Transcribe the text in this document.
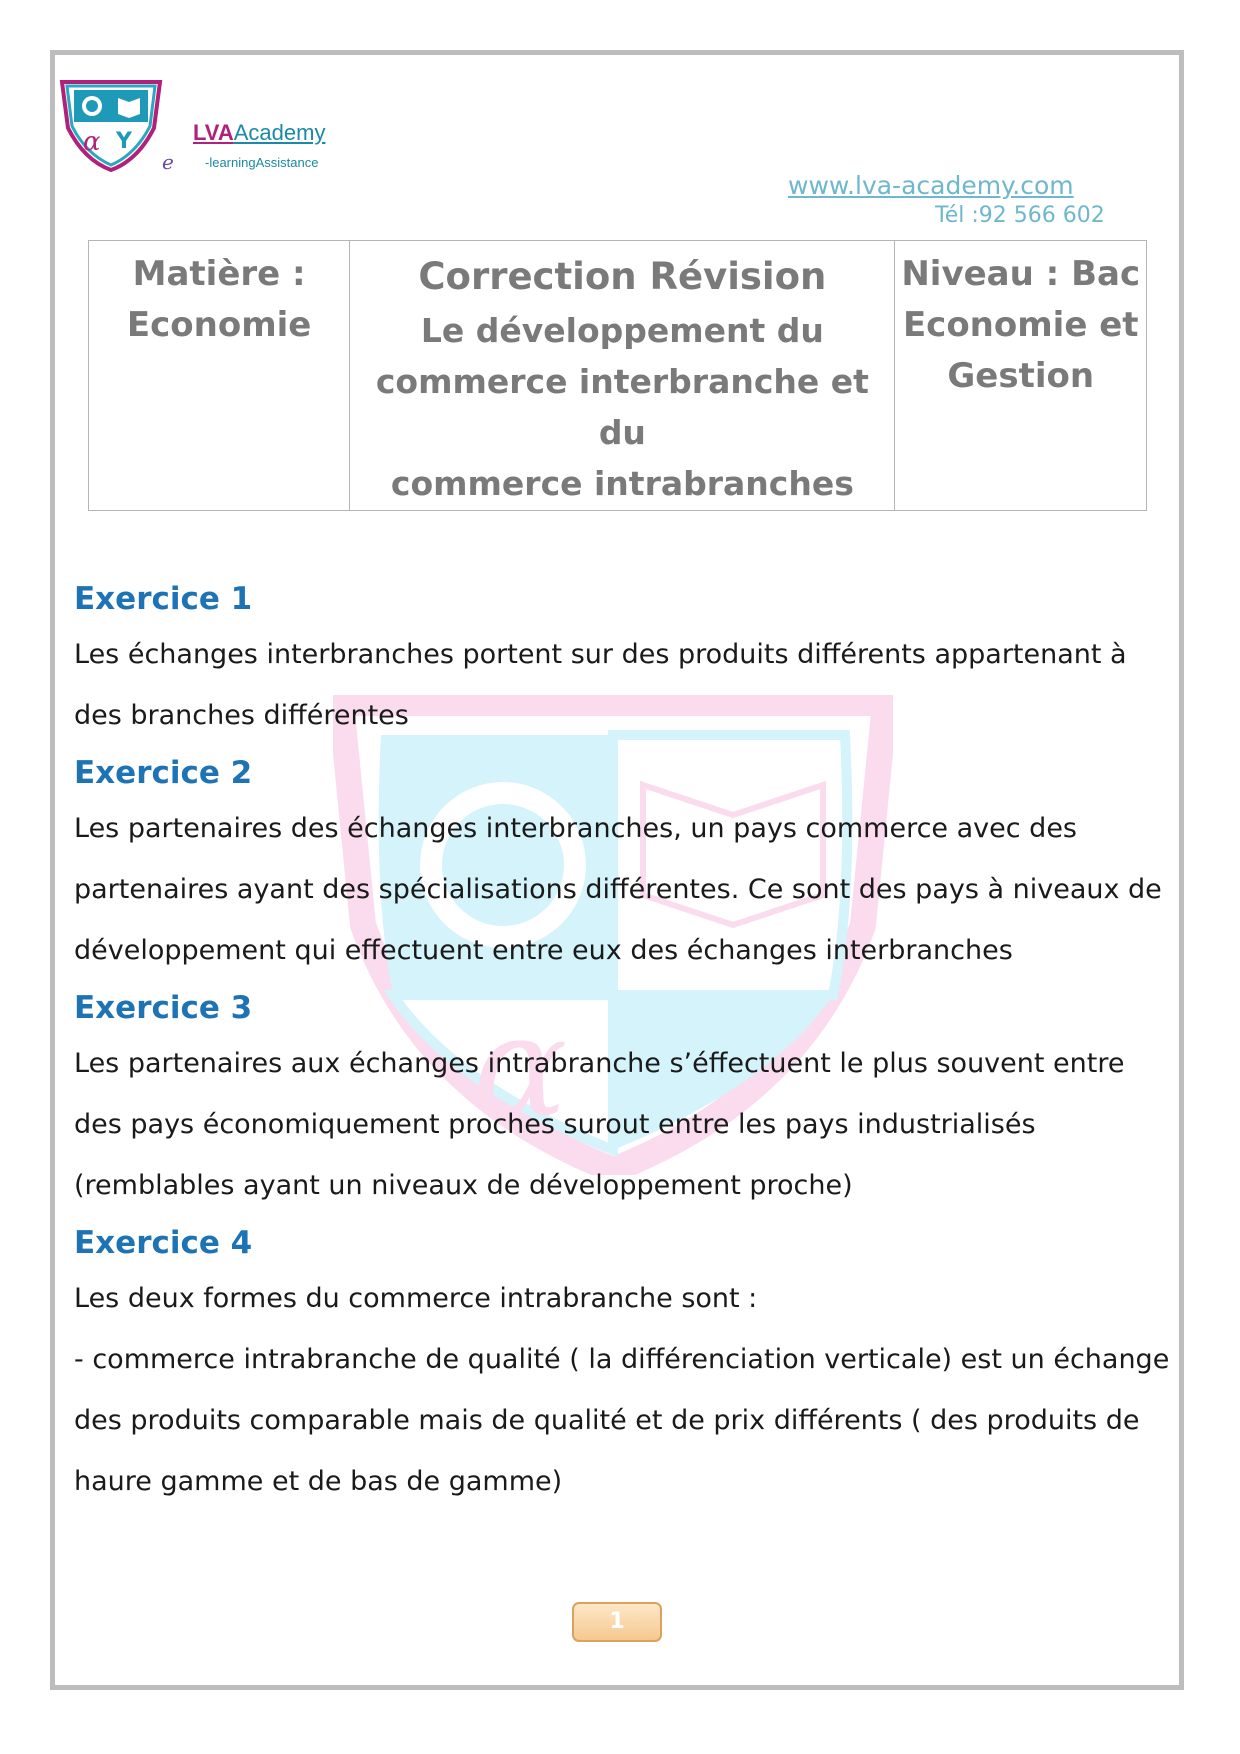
α Y	LVAAcademy
e -learningAssistance
www.lva-academy.com
Tél :92 566 602
Matière :
Economie

Correction Révision
Le développement du
commerce interbranche et du
commerce intrabranches

Niveau : Bac
Economie et
Gestion
α
Exercice 1

Les échanges interbranches portent sur des produits différents appartenant à

des branches différentes

Exercice 2

Les partenaires des échanges interbranches, un pays commerce avec des

partenaires ayant des spécialisations différentes. Ce sont des pays à niveaux de

développement qui effectuent entre eux des échanges interbranches

Exercice 3

Les partenaires aux échanges intrabranche s’éffectuent le plus souvent entre

des pays économiquement proches surout entre les pays industrialisés

(remblables ayant un niveaux de développement proche)

Exercice 4

Les deux formes du commerce intrabranche sont :

- commerce intrabranche de qualité ( la différenciation verticale) est un échange

des produits comparable mais de qualité et de prix différents ( des produits de

haure gamme et de bas de gamme)

1
